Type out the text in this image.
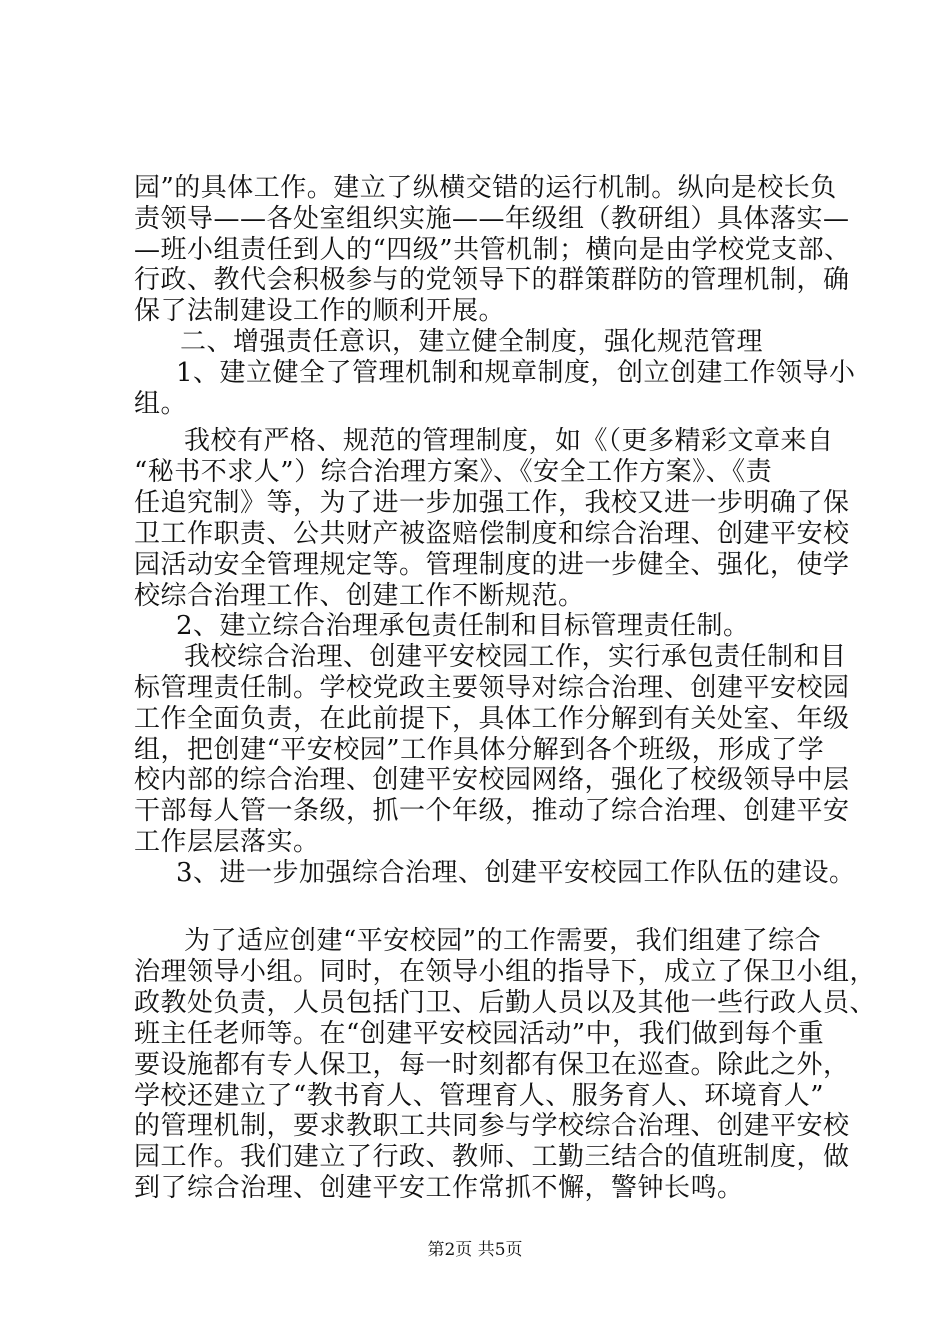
园”的具体工作。建立了纵横交错的运行机制。纵向是校长负
责领导——各处室组织实施——年级组（教研组）具体落实—
—班小组责任到人的“四级”共管机制；横向是由学校党支部、
行政、教代会积极参与的党领导下的群策群防的管理机制，确
保了法制建设工作的顺利开展。
二、增强责任意识，建立健全制度，强化规范管理
1、建立健全了管理机制和规章制度，创立创建工作领导小
组。
我校有严格、规范的管理制度，如《（更多精彩文章来自
“秘书不求人”）综合治理方案》、《安全工作方案》、《责
任追究制》等，为了进一步加强工作，我校又进一步明确了保
卫工作职责、公共财产被盗赔偿制度和综合治理、创建平安校
园活动安全管理规定等。管理制度的进一步健全、强化，使学
校综合治理工作、创建工作不断规范。
2、建立综合治理承包责任制和目标管理责任制。
我校综合治理、创建平安校园工作，实行承包责任制和目
标管理责任制。学校党政主要领导对综合治理、创建平安校园
工作全面负责，在此前提下，具体工作分解到有关处室、年级
组，把创建“平安校园”工作具体分解到各个班级，形成了学
校内部的综合治理、创建平安校园网络，强化了校级领导中层
干部每人管一条级，抓一个年级，推动了综合治理、创建平安
工作层层落实。
3、进一步加强综合治理、创建平安校园工作队伍的建设。
为了适应创建“平安校园”的工作需要，我们组建了综合
治理领导小组。同时，在领导小组的指导下，成立了保卫小组，
政教处负责，人员包括门卫、后勤人员以及其他一些行政人员、
班主任老师等。在“创建平安校园活动”中，我们做到每个重
要设施都有专人保卫，每一时刻都有保卫在巡查。除此之外，
学校还建立了“教书育人、管理育人、服务育人、环境育人”
的管理机制，要求教职工共同参与学校综合治理、创建平安校
园工作。我们建立了行政、教师、工勤三结合的值班制度，做
到了综合治理、创建平安工作常抓不懈，警钟长鸣。
第2页 共5页
